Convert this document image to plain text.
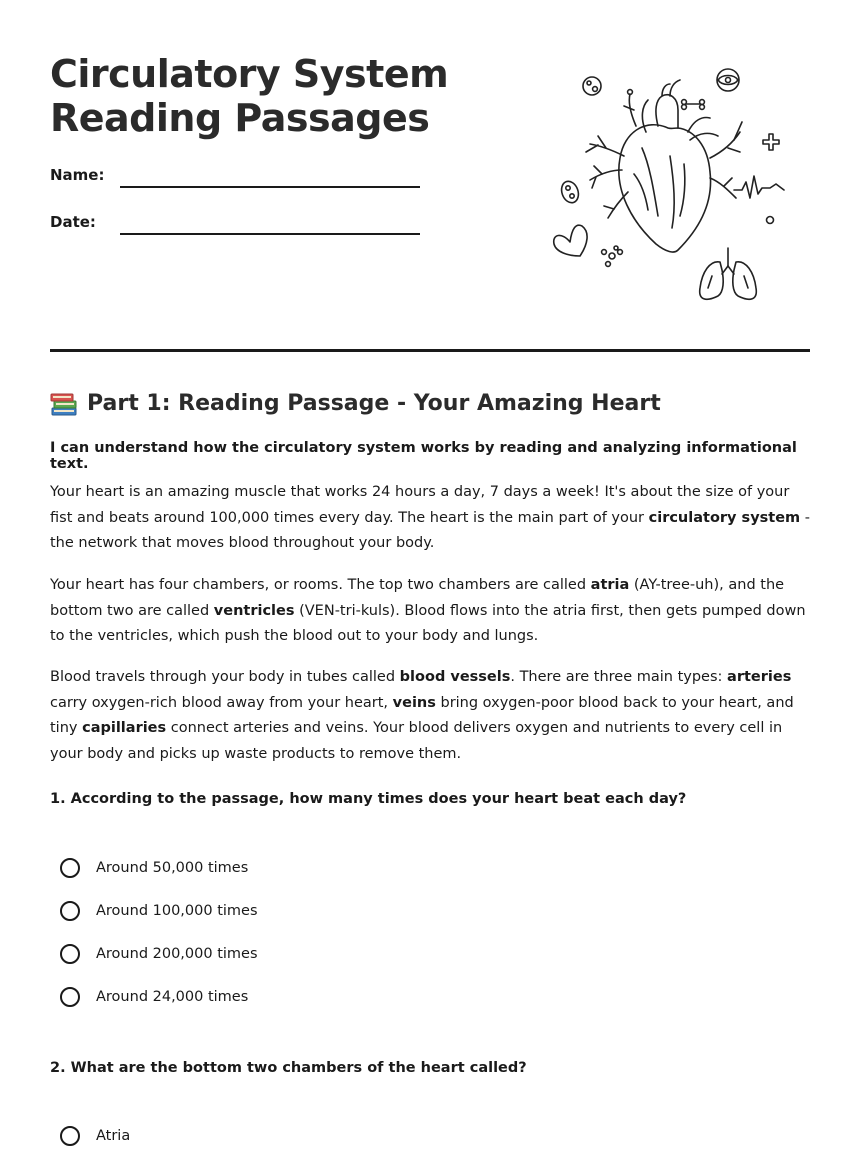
Circulatory System
Reading Passages
Name:
Date:
Part 1: Reading Passage - Your Amazing Heart

I can understand how the circulatory system works by reading and analyzing informational text.

Your heart is an amazing muscle that works 24 hours a day, 7 days a week! It's about the size of your fist and beats around 100,000 times every day. The heart is the main part of your circulatory system - the network that moves blood throughout your body.

Your heart has four chambers, or rooms. The top two chambers are called atria (AY-tree-uh), and the bottom two are called ventricles (VEN-tri-kuls). Blood flows into the atria first, then gets pumped down to the ventricles, which push the blood out to your body and lungs.

Blood travels through your body in tubes called blood vessels. There are three main types: arteries carry oxygen-rich blood away from your heart, veins bring oxygen-poor blood back to your heart, and tiny capillaries connect arteries and veins. Your blood delivers oxygen and nutrients to every cell in your body and picks up waste products to remove them.

1. According to the passage, how many times does your heart beat each day?

Around 50,000 times
Around 100,000 times
Around 200,000 times
Around 24,000 times

2. What are the bottom two chambers of the heart called?

Atria
